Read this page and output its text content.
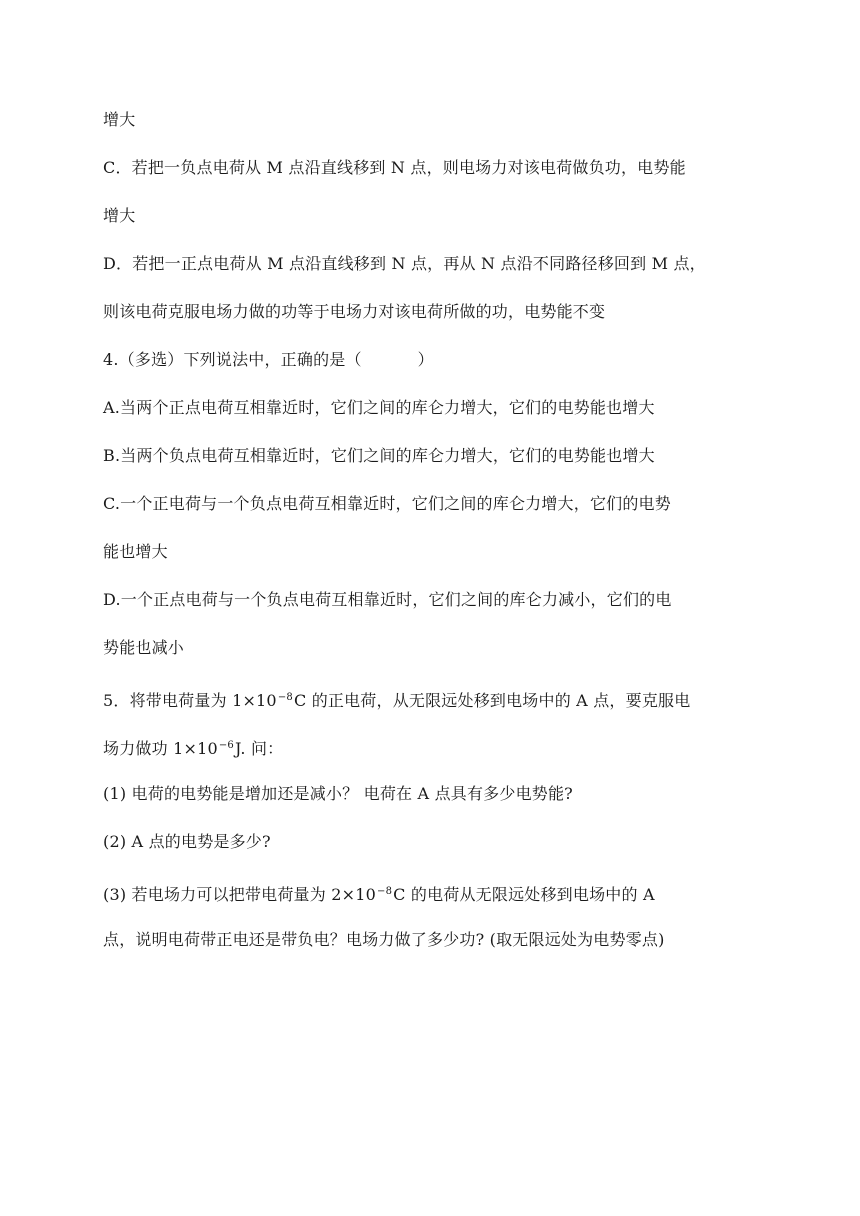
增大
C．若把一负点电荷从 M 点沿直线移到 N 点，则电场力对该电荷做负功，电势能
增大
D．若把一正点电荷从 M 点沿直线移到 N 点，再从 N 点沿不同路径移回到 M 点，
则该电荷克服电场力做的功等于电场力对该电荷所做的功，电势能不变
4.（多选）下列说法中，正确的是（	）
A.当两个正点电荷互相靠近时，它们之间的库仑力增大，它们的电势能也增大
B.当两个负点电荷互相靠近时，它们之间的库仑力增大，它们的电势能也增大
C.一个正电荷与一个负点电荷互相靠近时，它们之间的库仑力增大，它们的电势
能也增大
D.一个正点电荷与一个负点电荷互相靠近时，它们之间的库仑力减小，它们的电
势能也减小
5．将带电荷量为 $1\times 10^{-8}C$ 的正电荷，从无限远处移到电场中的 A 点，要克服电
场力做功 $1\times 10^{-6}J$. 问：
(1) 电荷的电势能是增加还是减小？ 电荷在 A 点具有多少电势能?
(2) A 点的电势是多少?
(3) 若电场力可以把带电荷量为 $2\times 10^{-8}C$ 的电荷从无限远处移到电场中的 A
点，说明电荷带正电还是带负电？电场力做了多少功? (取无限远处为电势零点)
